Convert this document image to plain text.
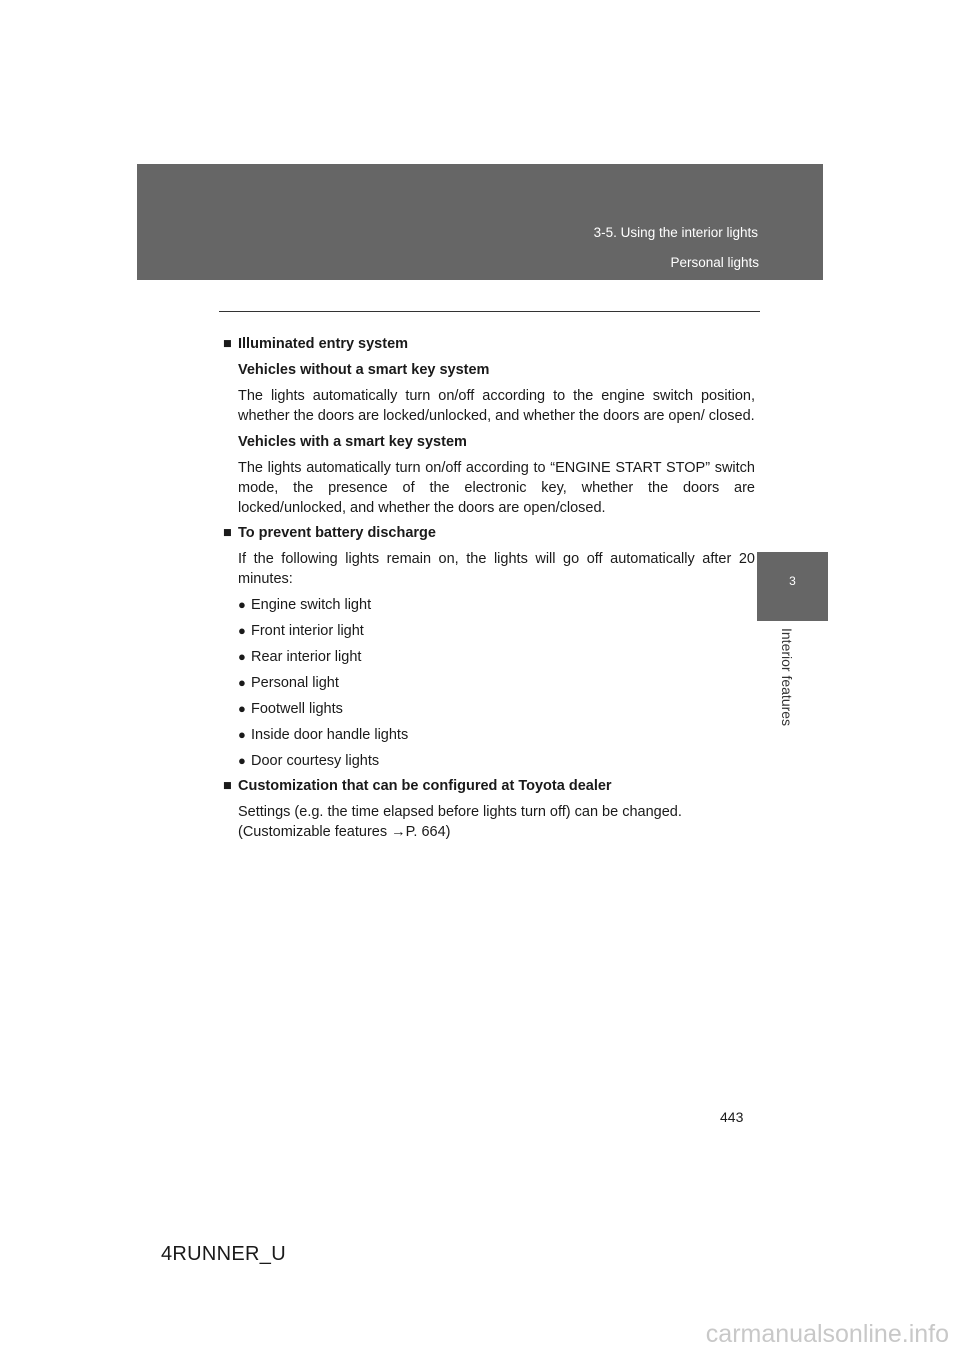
3-5. Using the interior lights
Personal lights
3
Interior features
■ Illuminated entry system
Vehicles without a smart key system
The lights automatically turn on/off according to the engine switch position, whether the doors are locked/unlocked, and whether the doors are open/ closed.
Vehicles with a smart key system
The lights automatically turn on/off according to “ENGINE START STOP” switch mode, the presence of the electronic key, whether the doors are locked/unlocked, and whether the doors are open/closed.
■ To prevent battery discharge
If the following lights remain on, the lights will go off automatically after 20 minutes:
● Engine switch light
● Front interior light
● Rear interior light
● Personal light
● Footwell lights
● Inside door handle lights
● Door courtesy lights
■ Customization that can be configured at Toyota dealer
Settings (e.g. the time elapsed before lights turn off) can be changed.
(Customizable features →P. 664)
443
4RUNNER_U
carmanualsonline.info
